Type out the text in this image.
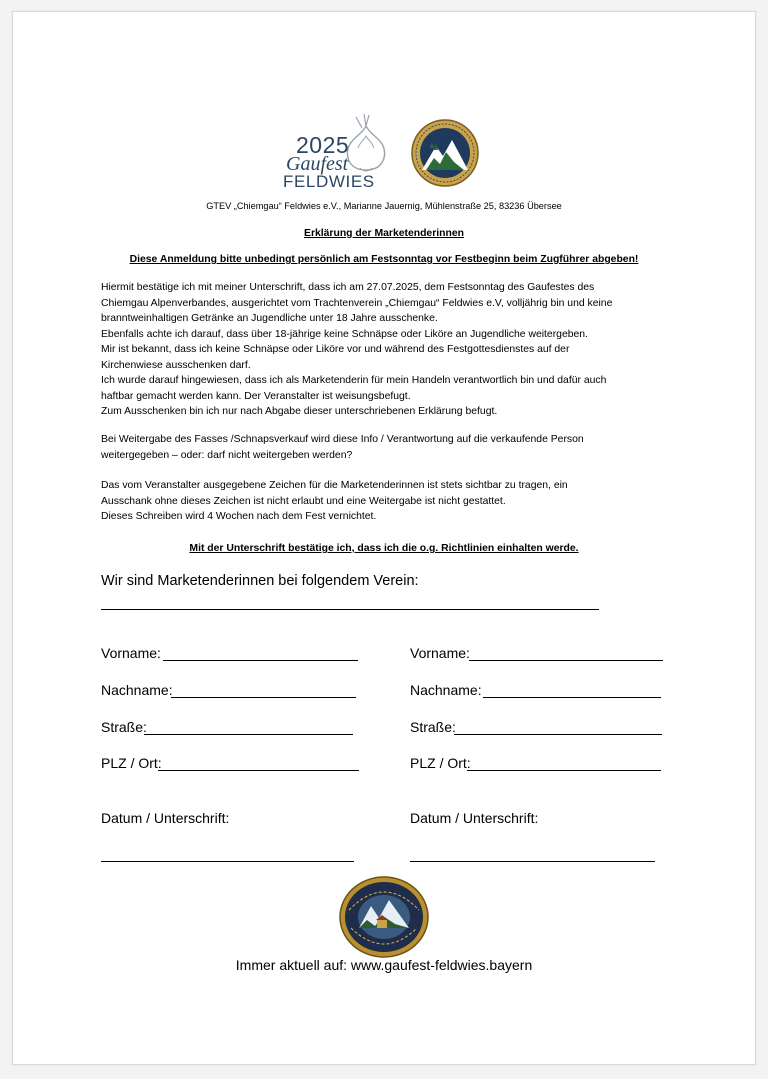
2025
Gaufest
FELDWIES
GTEV „Chiemgau“ Feldwies e.V., Marianne Jauernig, Mühlenstraße 25, 83236 Übersee
Erklärung der Marketenderinnen
Diese Anmeldung bitte unbedingt persönlich am Festsonntag vor Festbeginn beim Zugführer abgeben!
Hiermit bestätige ich mit meiner Unterschrift, dass ich am 27.07.2025, dem Festsonntag des Gaufestes des
Chiemgau Alpenverbandes, ausgerichtet vom Trachtenverein „Chiemgau“ Feldwies e.V, volljährig bin und keine
branntweinhaltigen Getränke an Jugendliche unter 18 Jahre ausschenke.
Ebenfalls achte ich darauf, dass über 18-jährige keine Schnäpse oder Liköre an Jugendliche weitergeben.
Mir ist bekannt, dass ich keine Schnäpse oder Liköre vor und während des Festgottesdienstes auf der
Kirchenwiese ausschenken darf.
Ich wurde darauf hingewiesen, dass ich als Marketenderin für mein Handeln verantwortlich bin und dafür auch
haftbar gemacht werden kann. Der Veranstalter ist weisungsbefugt.
Zum Ausschenken bin ich nur nach Abgabe dieser unterschriebenen Erklärung befugt.
Bei Weitergabe des Fasses /Schnapsverkauf wird diese Info / Verantwortung auf die verkaufende Person
weitergegeben – oder: darf nicht weitergeben werden?
Das vom Veranstalter ausgegebene Zeichen für die Marketenderinnen ist stets sichtbar zu tragen, ein
Ausschank ohne dieses Zeichen ist nicht erlaubt und eine Weitergabe ist nicht gestattet.
Dieses Schreiben wird 4 Wochen nach dem Fest vernichtet.
Mit der Unterschrift bestätige ich, dass ich die o.g. Richtlinien einhalten werde.
Wir sind Marketenderinnen bei folgendem Verein:
Vorname:
Nachname:
Straße:
PLZ / Ort:
Datum / Unterschrift:
Vorname:
Nachname:
Straße:
PLZ / Ort:
Datum / Unterschrift:
Immer aktuell auf: www.gaufest-feldwies.bayern
